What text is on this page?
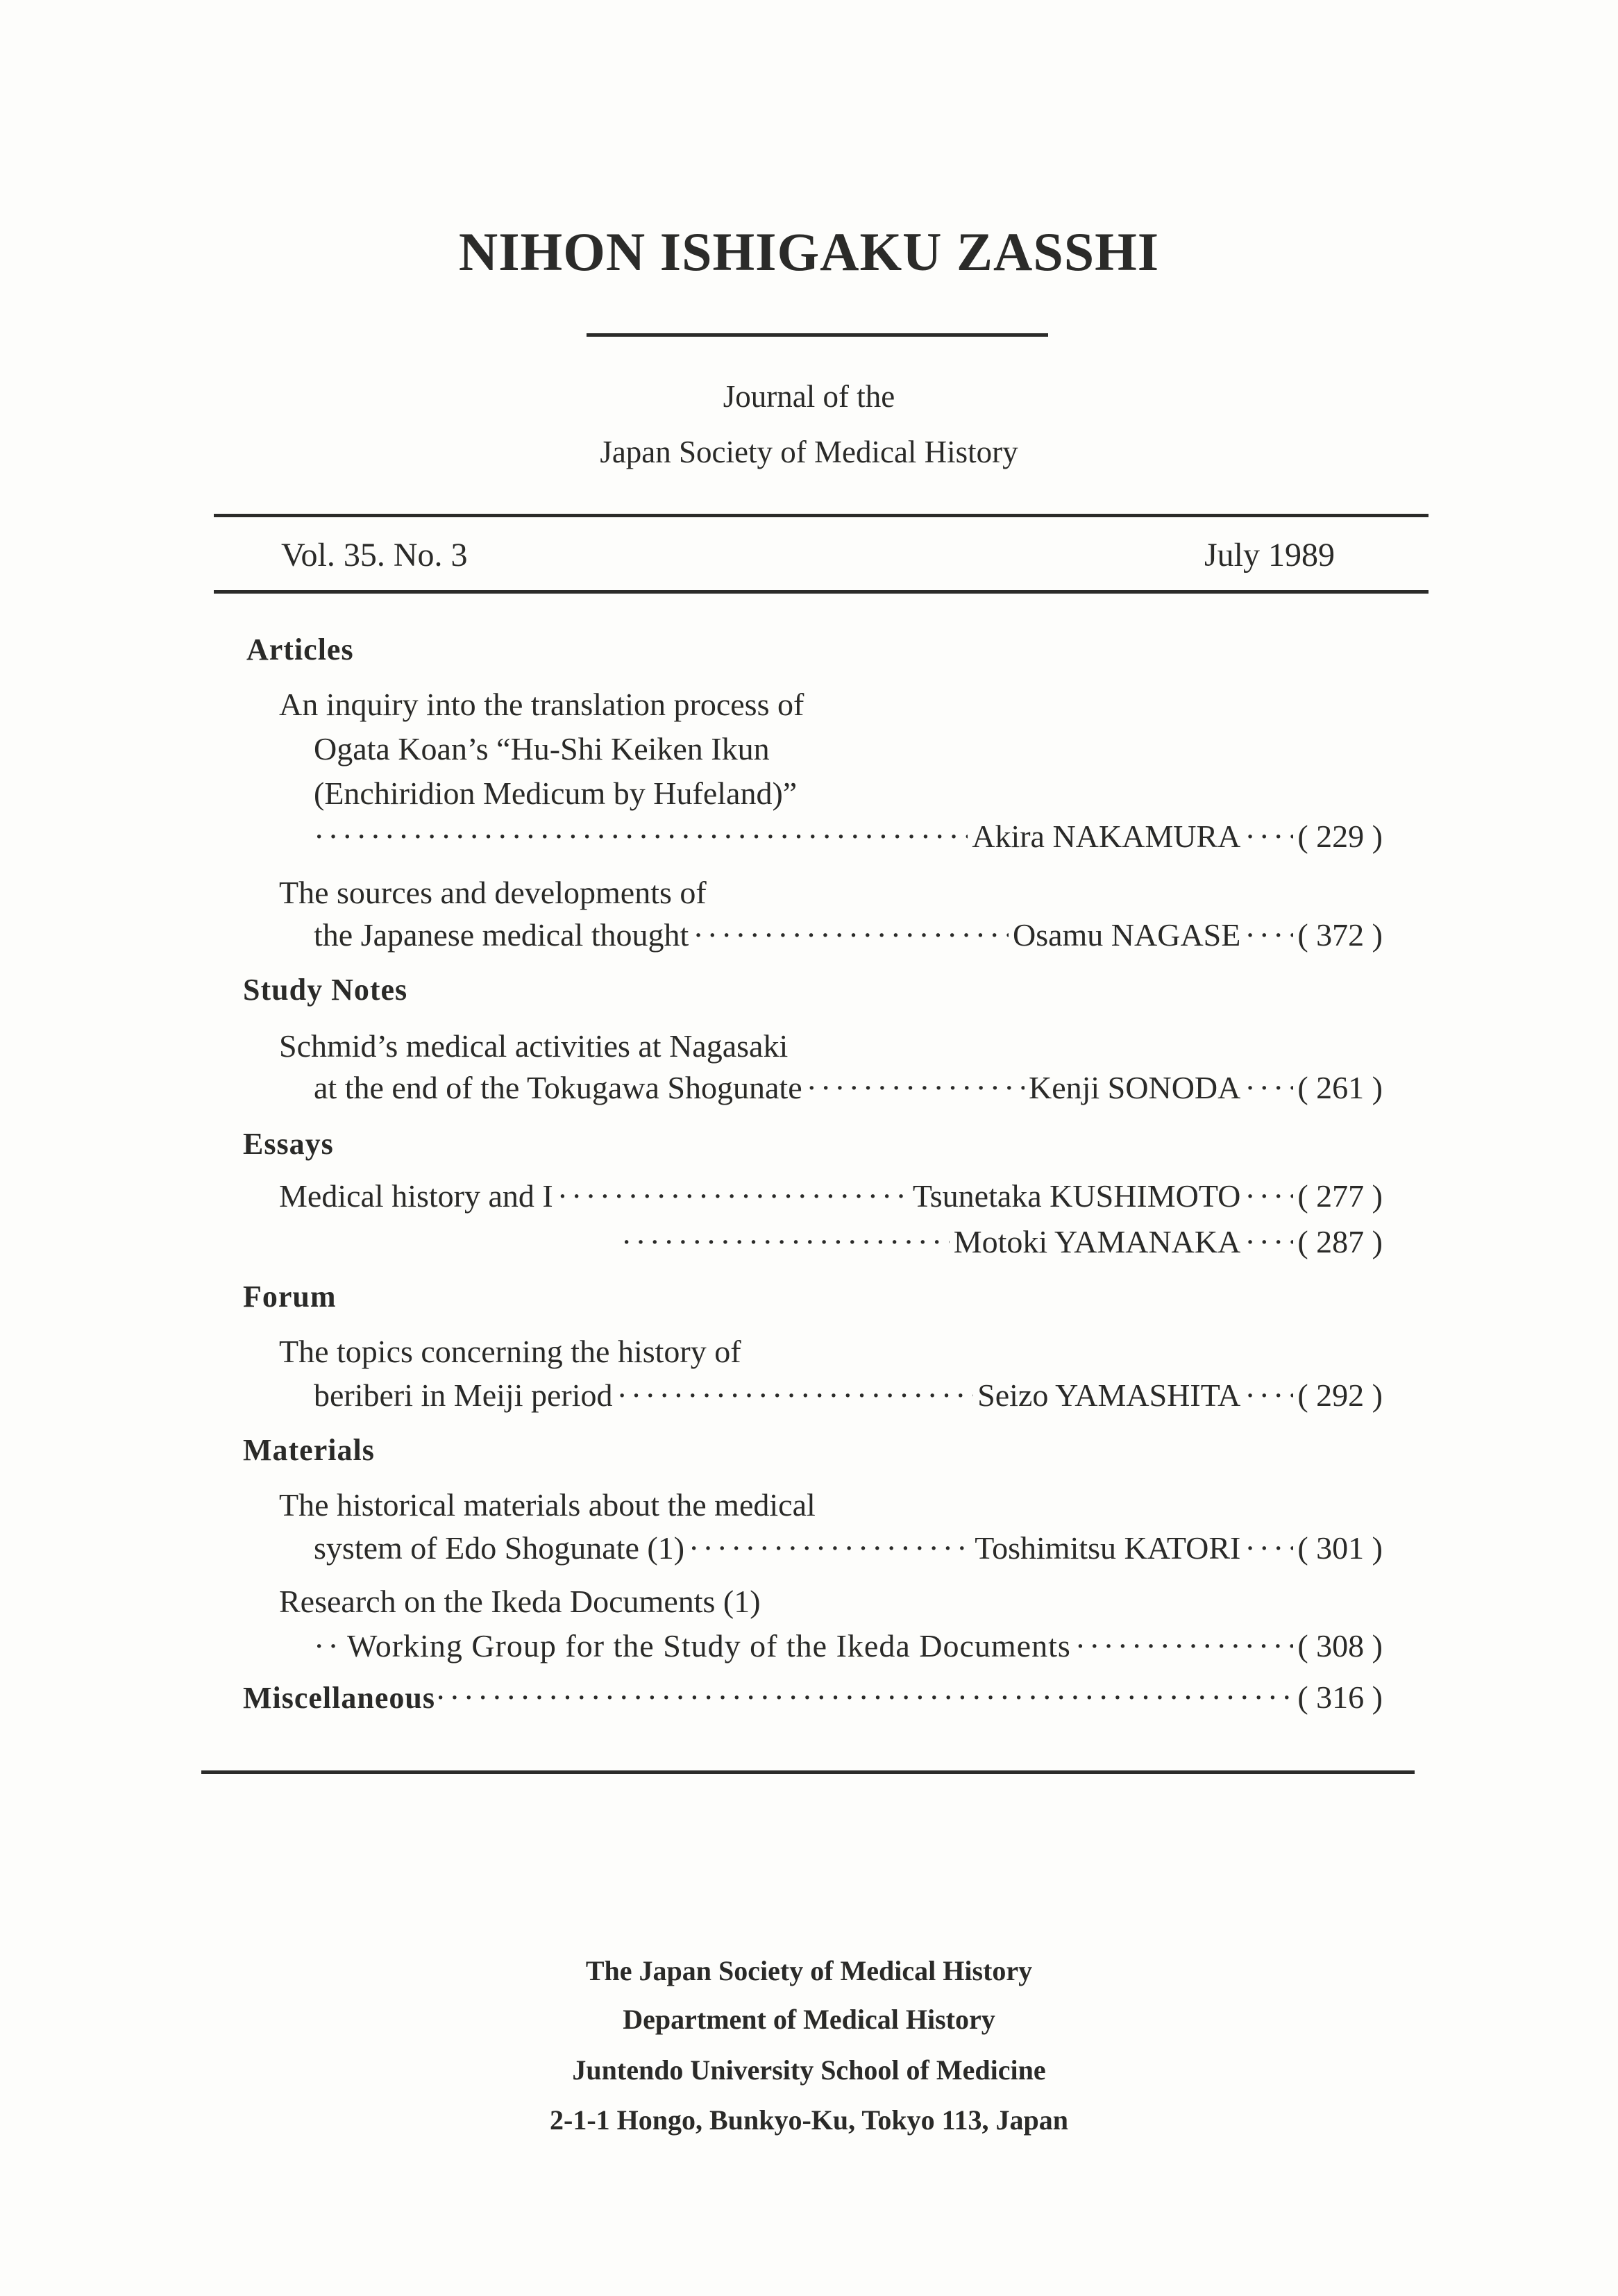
NIHON ISHIGAKU ZASSHI
Journal of the
Japan Society of Medical History
Vol. 35. No. 3	July 1989
Articles
An inquiry into the translation process of
Ogata Koan’s “Hu-Shi Keiken Ikun
(Enchiridion Medicum by Hufeland)”
·····
Akira NAKAMURA ····· ( 229 )
The sources and developments of
the Japanese medical thought ·····	Osamu NAGASE ····· ( 372 )
Study Notes
Schmid’s medical activities at Nagasaki
at the end of the Tokugawa Shogunate ·····	Kenji SONODA ····· ( 261 )
Essays
Medical history and I ·····	Tsunetaka KUSHIMOTO ····· ( 277 )
·····
Motoki YAMANAKA ····· ( 287 )
Forum
The topics concerning the history of
beriberi in Meiji period ·····	Seizo YAMASHITA ····· ( 292 )
Materials
The historical materials about the medical
system of Edo Shogunate (1) ·····	Toshimitsu KATORI ····· ( 301 )
Research on the Ikeda Documents (1)
·····
Working Group for the Study of the Ikeda Documents ·····	( 308 )
Miscellaneous ·····	( 316 )
The Japan Society of Medical History
Department of Medical History
Juntendo University School of Medicine
2-1-1 Hongo, Bunkyo-Ku, Tokyo 113, Japan
